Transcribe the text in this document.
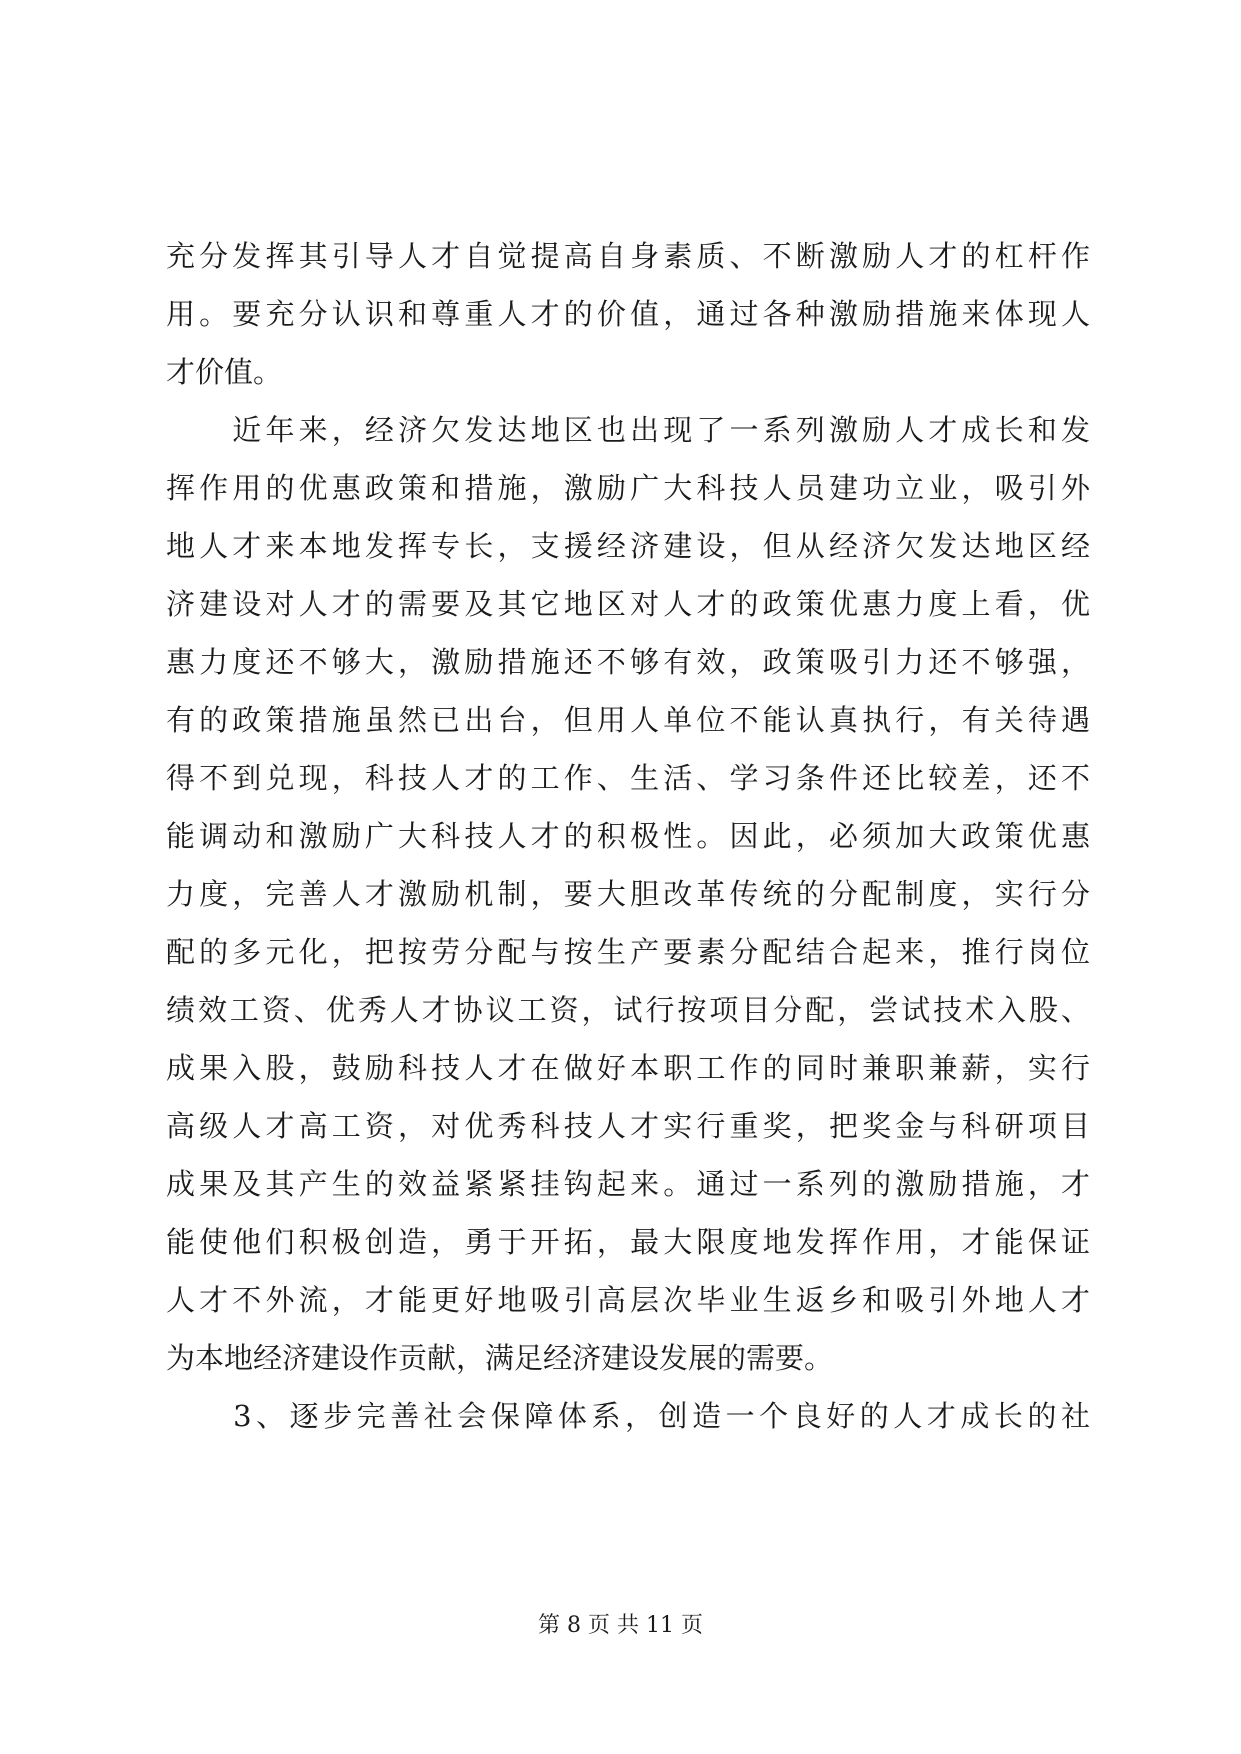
充分发挥其引导人才自觉提高自身素质、不断激励人才的杠杆作
用。要充分认识和尊重人才的价值，通过各种激励措施来体现人
才价值。
　　近年来，经济欠发达地区也出现了一系列激励人才成长和发
挥作用的优惠政策和措施，激励广大科技人员建功立业，吸引外
地人才来本地发挥专长，支援经济建设，但从经济欠发达地区经
济建设对人才的需要及其它地区对人才的政策优惠力度上看，优
惠力度还不够大，激励措施还不够有效，政策吸引力还不够强，
有的政策措施虽然已出台，但用人单位不能认真执行，有关待遇
得不到兑现，科技人才的工作、生活、学习条件还比较差，还不
能调动和激励广大科技人才的积极性。因此，必须加大政策优惠
力度，完善人才激励机制，要大胆改革传统的分配制度，实行分
配的多元化，把按劳分配与按生产要素分配结合起来，推行岗位
绩效工资、优秀人才协议工资，试行按项目分配，尝试技术入股、
成果入股，鼓励科技人才在做好本职工作的同时兼职兼薪，实行
高级人才高工资，对优秀科技人才实行重奖，把奖金与科研项目
成果及其产生的效益紧紧挂钩起来。通过一系列的激励措施，才
能使他们积极创造，勇于开拓，最大限度地发挥作用，才能保证
人才不外流，才能更好地吸引高层次毕业生返乡和吸引外地人才
为本地经济建设作贡献，满足经济建设发展的需要。
　　3、逐步完善社会保障体系，创造一个良好的人才成长的社
第 8 页 共 11 页
